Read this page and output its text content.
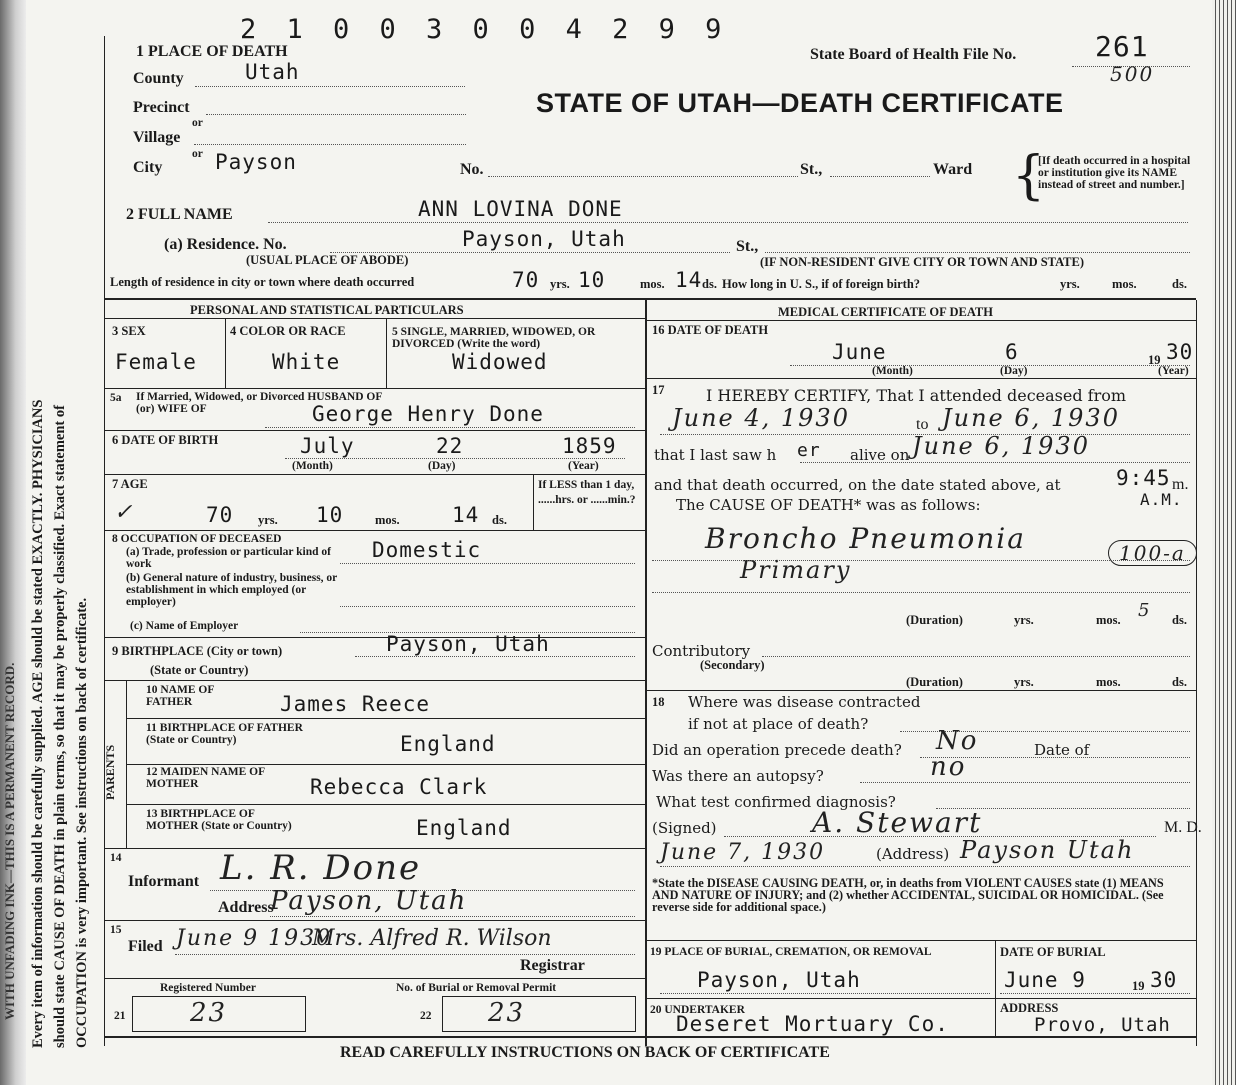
WITH UNFADING INK—THIS IS A PERMANENT RECORD. Every item of information should be carefully supplied. AGE should be stated EXACTLY. PHYSICIANS should state CAUSE OF DEATH in plain terms, so that it may be properly classified. Exact statement of OCCUPATION is very important. See instructions on back of certificate.
2 1 0 0 3 0 0 4 2 9 9
State Board of Health File No.	261
500
STATE OF UTAH—DEATH CERTIFICATE
1 PLACE OF DEATH
County	Utah
Precinct
or
Village
or
City	Payson	No.	St.,	Ward {
[If death occurred in a hospital or institution give its NAME instead of street and number.]
2 FULL NAME	ANN LOVINA DONE
(a) Residence. No.	Payson, Utah	St.,
(USUAL PLACE OF ABODE)	(IF NON-RESIDENT GIVE CITY OR TOWN AND STATE)
Length of residence in city or town where death occurred	70 yrs. 10	mos. 14 ds. How long in U. S., if of foreign birth?	yrs.	mos.	ds.
PERSONAL AND STATISTICAL PARTICULARS	MEDICAL CERTIFICATE OF DEATH
3 SEX
Female
4 COLOR OR RACE
White
5 SINGLE, MARRIED, WIDOWED, OR DIVORCED (Write the word)
Widowed
5a If Married, Widowed, or Divorced HUSBAND OF (or) WIFE OF	George Henry Done
6 DATE OF BIRTH	July	22	1859
(Month)	(Day)	(Year)
7 AGE
✓	70 yrs. 10	mos. 14 ds.
If LESS than 1 day, ......hrs. or ......min.?
8 OCCUPATION OF DECEASED
(a) Trade, profession or particular kind of work
Domestic
(b) General nature of industry, business, or establishment in which employed (or employer)
(c) Name of Employer
9 BIRTHPLACE (City or town)	Payson, Utah
(State or Country)
PARENTS
10 NAME OF FATHER	James Reece
11 BIRTHPLACE OF FATHER (State or Country)	England
12 MAIDEN NAME OF MOTHER	Rebecca Clark
13 BIRTHPLACE OF MOTHER (State or Country)	England
14
Informant L. R. Done
Address
Payson, Utah
15
Filed June 9 1930
Mrs. Alfred R. Wilson
Registrar
Registered Number	No. of Burial or Removal Permit
21 23	22 23
16 DATE OF DEATH
June	6	19 30
(Month)	(Day)	(Year)
17	I HEREBY CERTIFY, That I attended deceased from
June 4, 1930	to June 6, 1930
that I last saw h er alive on June 6, 1930
and that death occurred, on the date stated above, at	9:45 m.
A.M.
The CAUSE OF DEATH* was as follows:
Broncho Pneumonia
Primary
100-a
(Duration)	yrs.	mos. 5 ds.
Contributory
(Secondary)
(Duration)	yrs.	mos.	ds.
18 Where was disease contracted
if not at place of death?
Did an operation precede death? No	Date of
Was there an autopsy?	no
What test confirmed diagnosis?
(Signed)	A. Stewart	M. D.
June 7, 1930	(Address) Payson Utah
*State the DISEASE CAUSING DEATH, or, in deaths from VIOLENT CAUSES state (1) MEANS AND NATURE OF INJURY; and (2) whether ACCIDENTAL, SUICIDAL OR HOMICIDAL. (See reverse side for additional space.)
19 PLACE OF BURIAL, CREMATION, OR REMOVAL
Payson, Utah
DATE OF BURIAL
June 9	19 30
20 UNDERTAKER
Deseret Mortuary Co.
ADDRESS
Provo, Utah
READ CAREFULLY INSTRUCTIONS ON BACK OF CERTIFICATE
